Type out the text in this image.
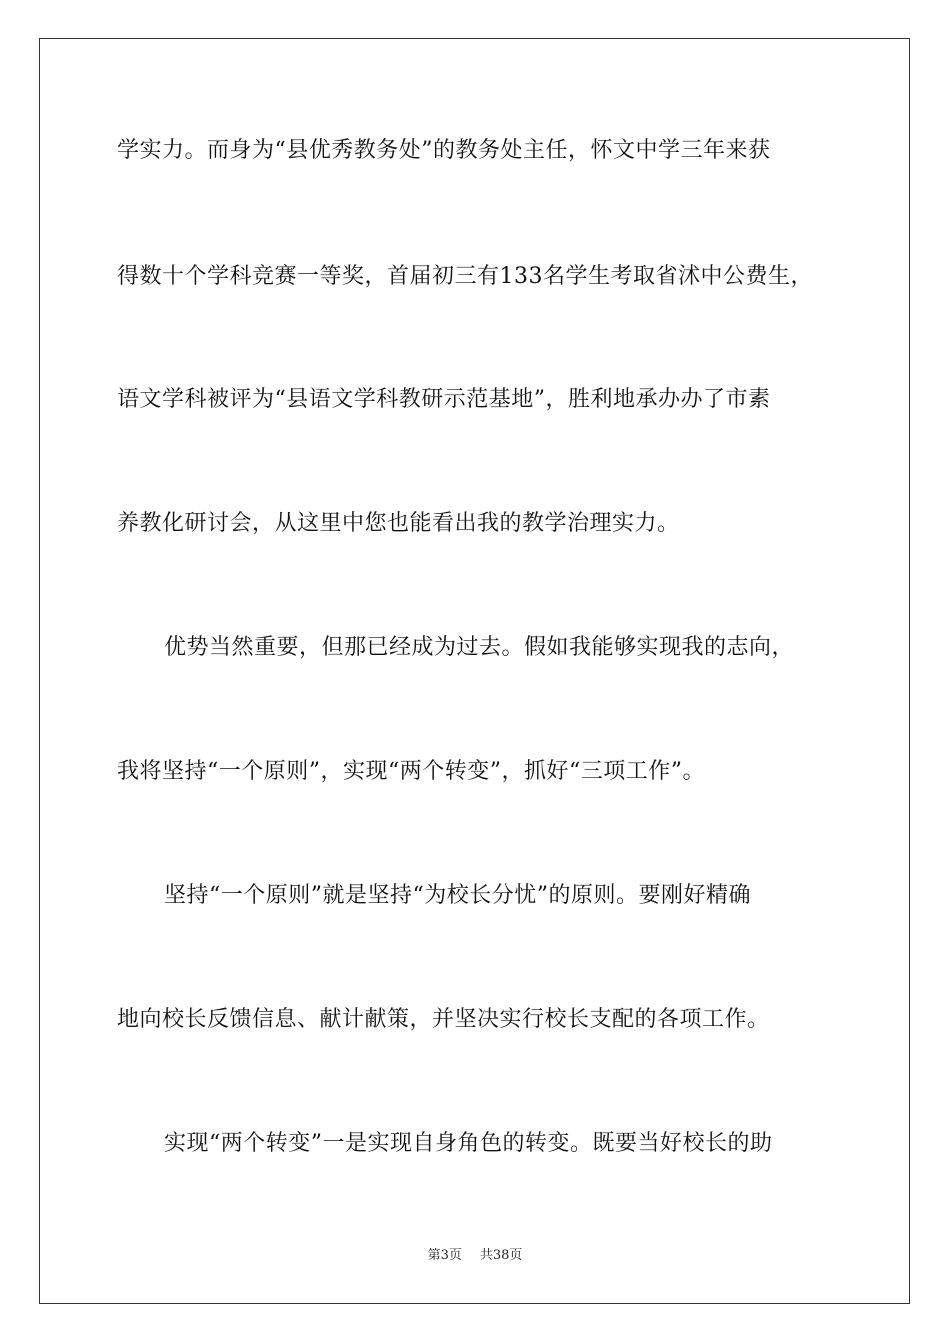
学实力。而身为“县优秀教务处”的教务处主任，怀文中学三年来获
得数十个学科竞赛一等奖，首届初三有133名学生考取省沭中公费生，
语文学科被评为“县语文学科教研示范基地”，胜利地承办办了市素
养教化研讨会，从这里中您也能看出我的教学治理实力。
优势当然重要，但那已经成为过去。假如我能够实现我的志向，
我将坚持“一个原则”，实现“两个转变”，抓好“三项工作”。
坚持“一个原则”就是坚持“为校长分忧”的原则。要刚好精确
地向校长反馈信息、献计献策，并坚决实行校长支配的各项工作。
实现“两个转变”一是实现自身角色的转变。既要当好校长的助
第3页 共38页
